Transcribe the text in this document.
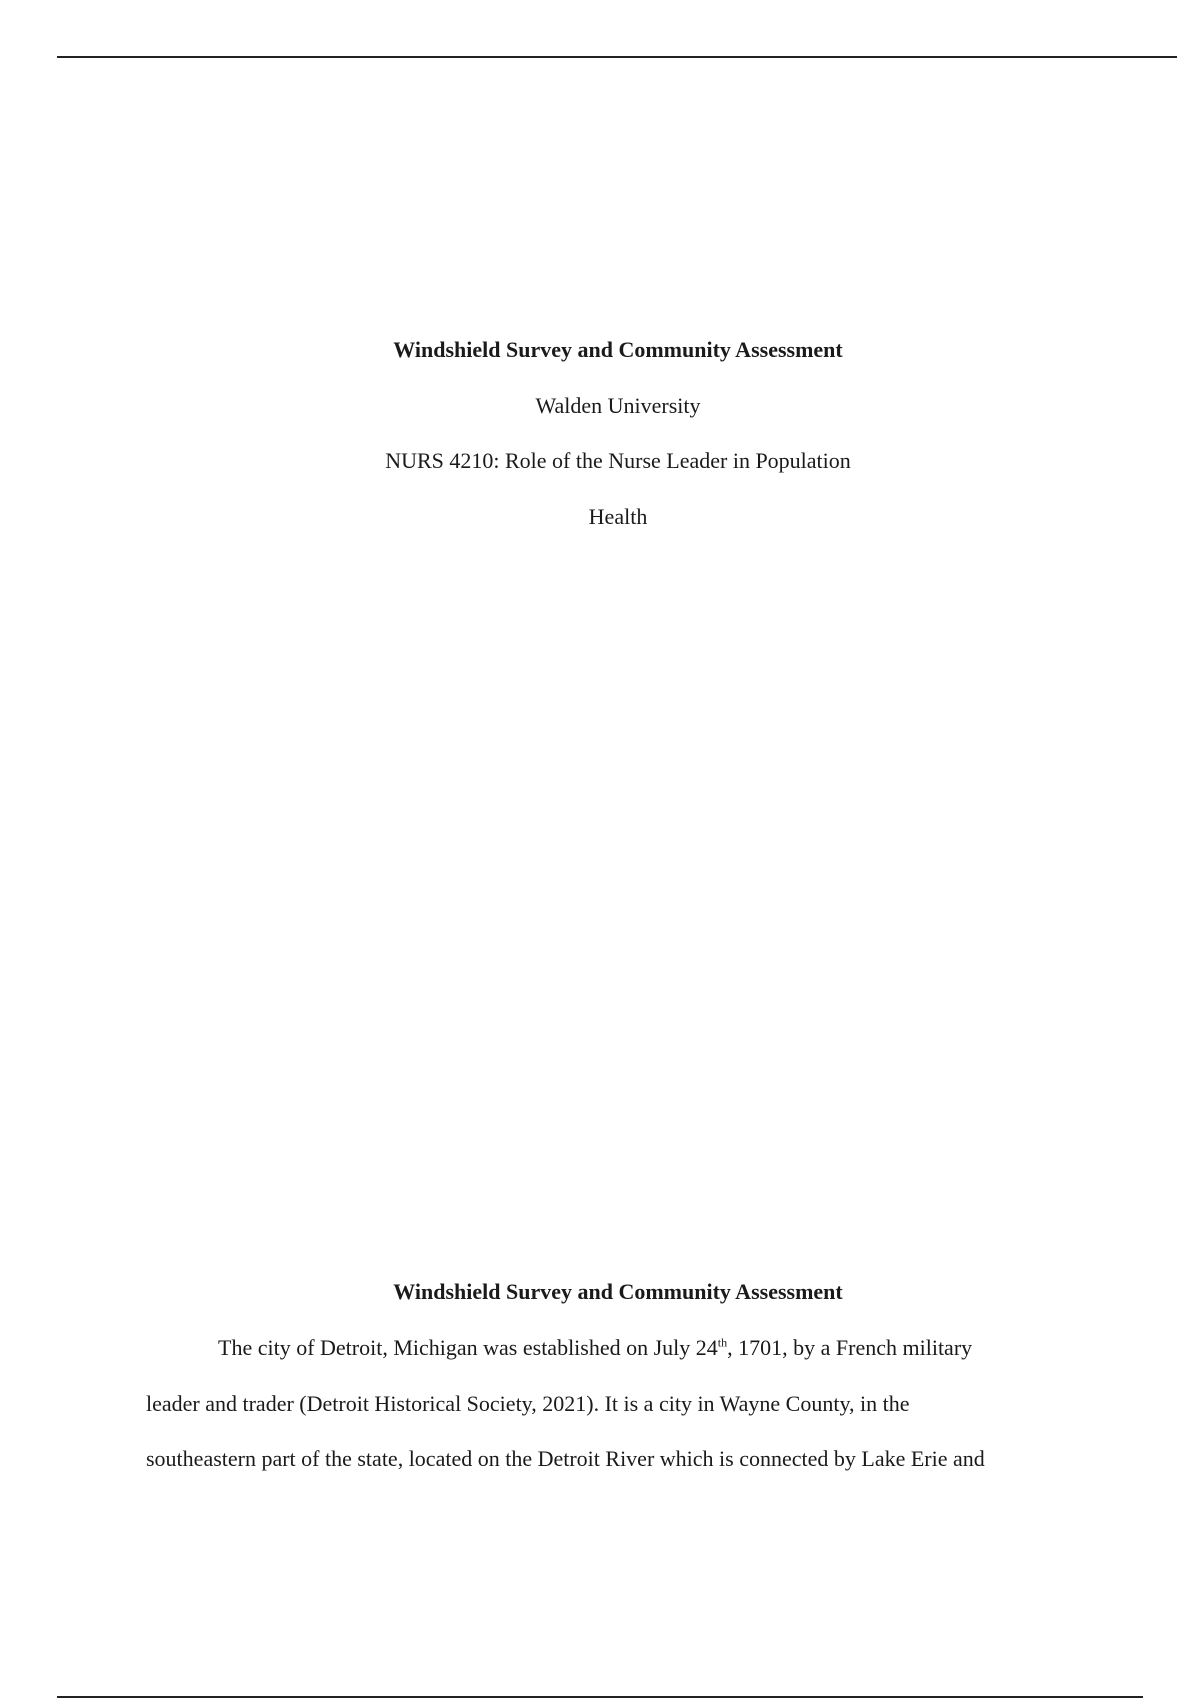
Windshield Survey and Community Assessment
Walden University
NURS 4210: Role of the Nurse Leader in Population
Health
Windshield Survey and Community Assessment
The city of Detroit, Michigan was established on July 24th, 1701, by a French military
leader and trader (Detroit Historical Society, 2021). It is a city in Wayne County, in the
southeastern part of the state, located on the Detroit River which is connected by Lake Erie and
